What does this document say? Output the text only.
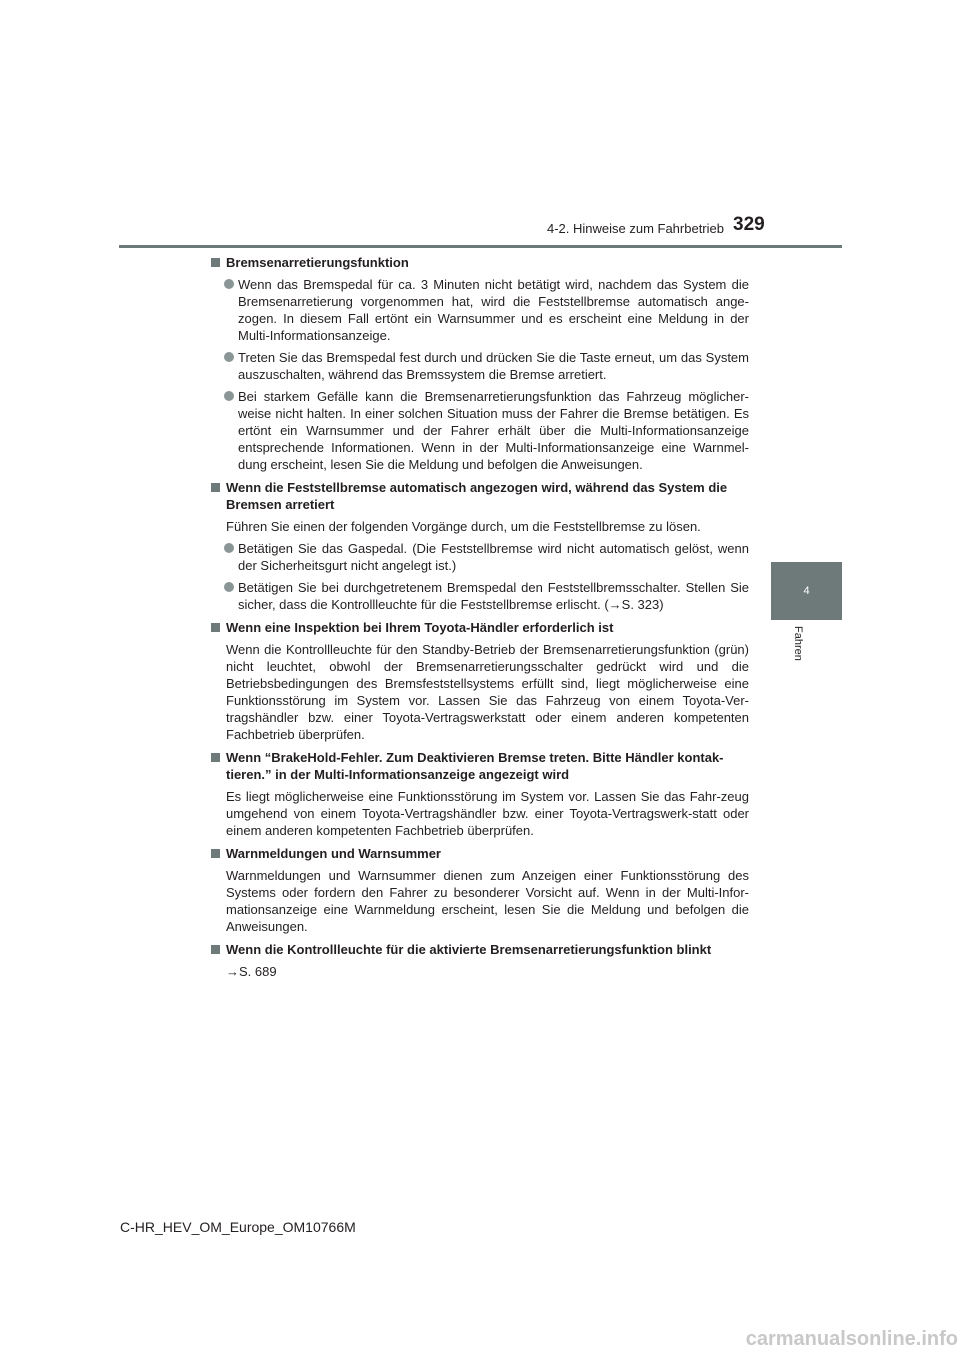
4-2. Hinweise zum Fahrbetrieb 329
4
Fahren
Bremsenarretierungsfunktion
Wenn das Bremspedal für ca. 3 Minuten nicht betätigt wird, nachdem das System die Bremsenarretierung vorgenommen hat, wird die Feststellbremse automatisch ange-zogen. In diesem Fall ertönt ein Warnsummer und es erscheint eine Meldung in der Multi-Informationsanzeige.
Treten Sie das Bremspedal fest durch und drücken Sie die Taste erneut, um das System auszuschalten, während das Bremssystem die Bremse arretiert.
Bei starkem Gefälle kann die Bremsenarretierungsfunktion das Fahrzeug möglicher-weise nicht halten. In einer solchen Situation muss der Fahrer die Bremse betätigen. Es ertönt ein Warnsummer und der Fahrer erhält über die Multi-Informationsanzeige entsprechende Informationen. Wenn in der Multi-Informationsanzeige eine Warnmel-dung erscheint, lesen Sie die Meldung und befolgen die Anweisungen.
Wenn die Feststellbremse automatisch angezogen wird, während das System die Bremsen arretiert
Führen Sie einen der folgenden Vorgänge durch, um die Feststellbremse zu lösen.
Betätigen Sie das Gaspedal. (Die Feststellbremse wird nicht automatisch gelöst, wenn der Sicherheitsgurt nicht angelegt ist.)
Betätigen Sie bei durchgetretenem Bremspedal den Feststellbremsschalter. Stellen Sie sicher, dass die Kontrollleuchte für die Feststellbremse erlischt. (→S. 323)
Wenn eine Inspektion bei Ihrem Toyota-Händler erforderlich ist
Wenn die Kontrollleuchte für den Standby-Betrieb der Bremsenarretierungsfunktion (grün) nicht leuchtet, obwohl der Bremsenarretierungsschalter gedrückt wird und die Betriebsbedingungen des Bremsfeststellsystems erfüllt sind, liegt möglicherweise eine Funktionsstörung im System vor. Lassen Sie das Fahrzeug von einem Toyota-Ver-tragshändler bzw. einer Toyota-Vertragswerkstatt oder einem anderen kompetenten Fachbetrieb überprüfen.
Wenn “BrakeHold-Fehler. Zum Deaktivieren Bremse treten. Bitte Händler kontak-tieren.” in der Multi-Informationsanzeige angezeigt wird
Es liegt möglicherweise eine Funktionsstörung im System vor. Lassen Sie das Fahr-zeug umgehend von einem Toyota-Vertragshändler bzw. einer Toyota-Vertragswerk-statt oder einem anderen kompetenten Fachbetrieb überprüfen.
Warnmeldungen und Warnsummer
Warnmeldungen und Warnsummer dienen zum Anzeigen einer Funktionsstörung des Systems oder fordern den Fahrer zu besonderer Vorsicht auf. Wenn in der Multi-Infor-mationsanzeige eine Warnmeldung erscheint, lesen Sie die Meldung und befolgen die Anweisungen.
Wenn die Kontrollleuchte für die aktivierte Bremsenarretierungsfunktion blinkt
→S. 689
C-HR_HEV_OM_Europe_OM10766M
carmanualsonline.info
